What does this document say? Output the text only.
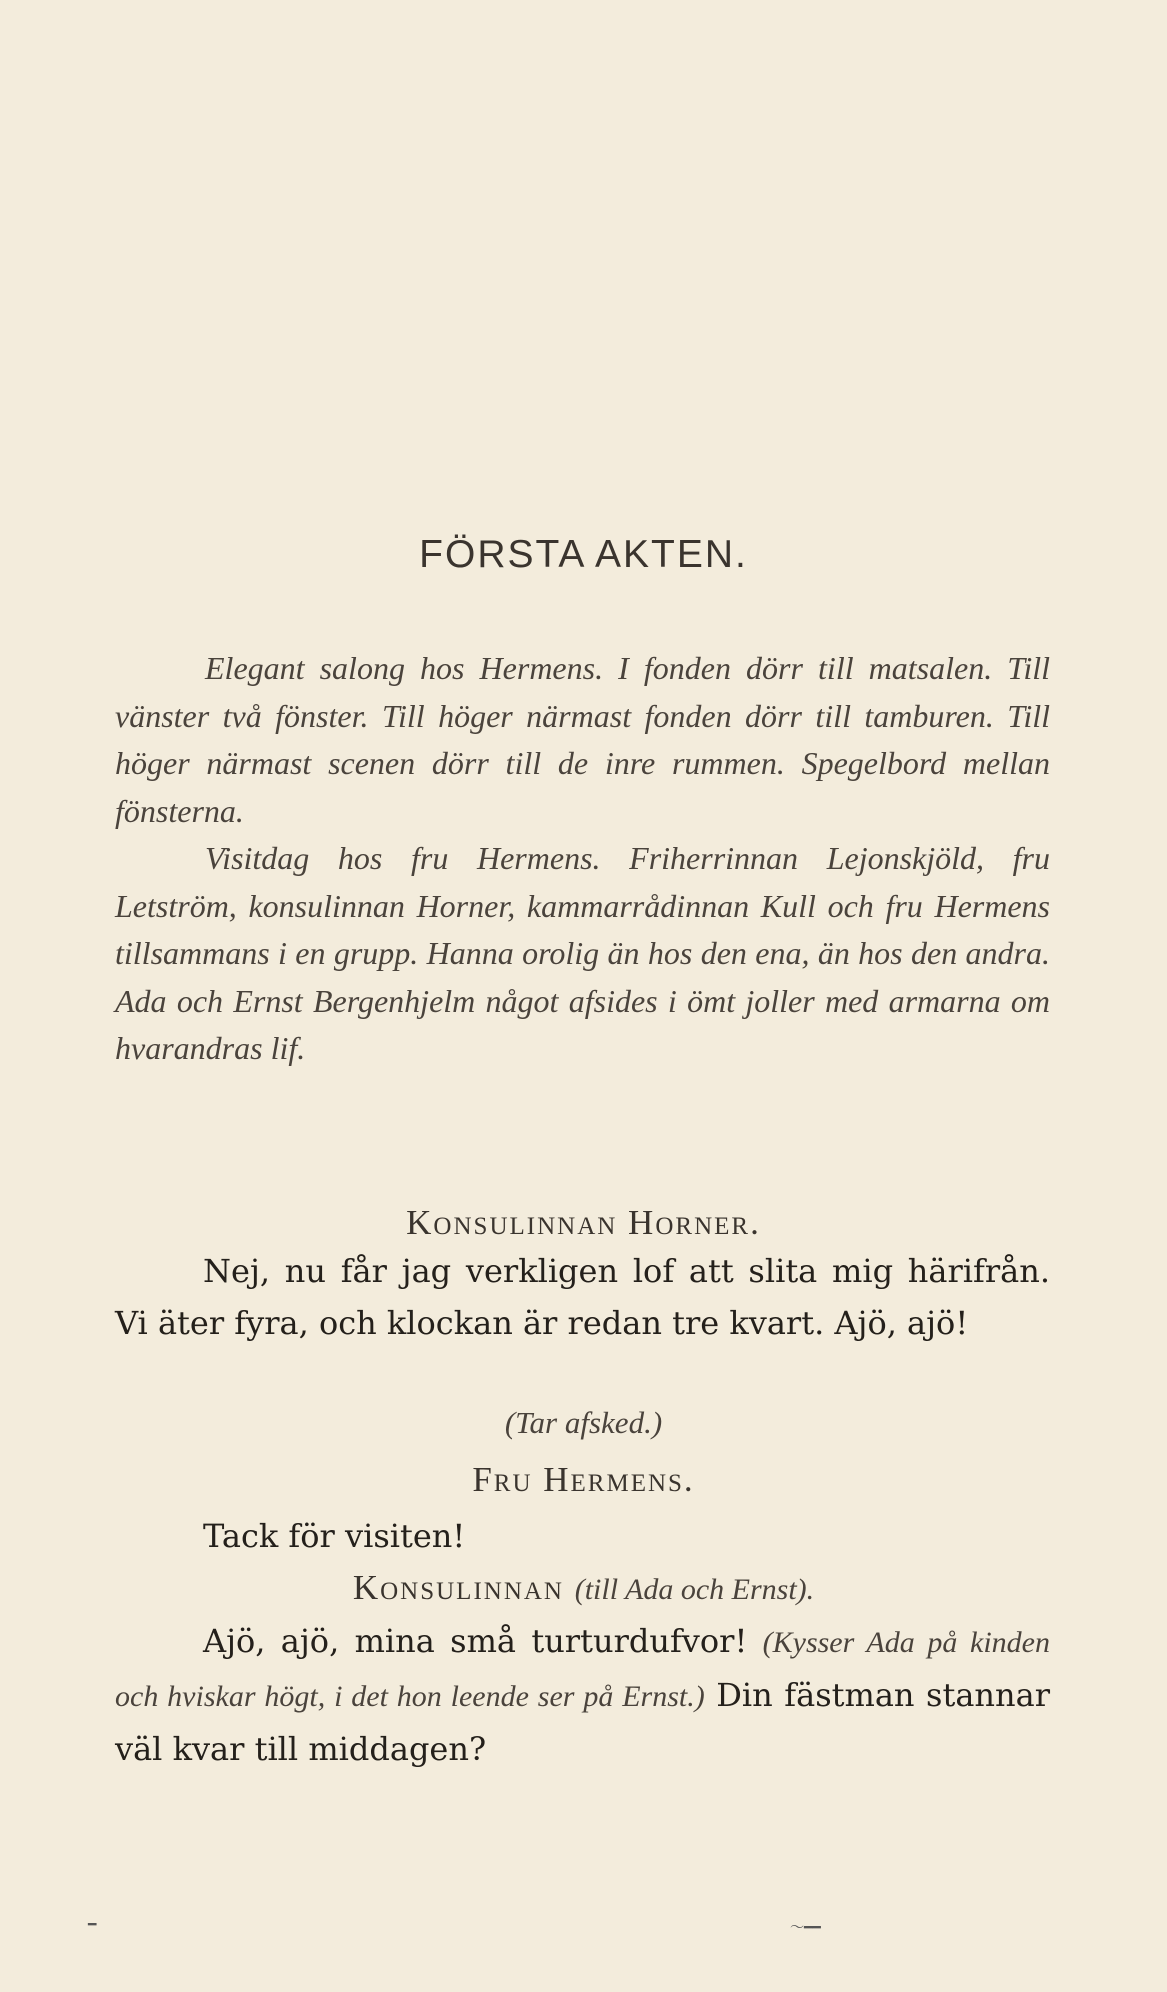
FÖRSTA AKTEN.

Elegant salong hos Hermens. I fonden dörr till matsalen. Till vänster två fönster. Till höger närmast fonden dörr till tamburen. Till höger närmast scenen dörr till de inre rummen. Spegelbord mellan fönsterna.

Visitdag hos fru Hermens. Friherrinnan Lejonskjöld, fru Letström, konsulinnan Horner, kammarrådinnan Kull och fru Hermens tillsammans i en grupp. Hanna orolig än hos den ena, än hos den andra. Ada och Ernst Bergenhjelm något afsides i ömt joller med armarna om hvarandras lif.

Konsulinnan Horner.
Nej, nu får jag verkligen lof att slita mig härifrån. Vi äter fyra, och klockan är redan tre kvart. Ajö, ajö!
(Tar afsked.)
Fru Hermens.
Tack för visiten!
Konsulinnan (till Ada och Ernst).
Ajö, ajö, mina små turturdufvor! (Kysser Ada på kinden och hviskar högt, i det hon leende ser på Ernst.) Din fästman stannar väl kvar till middagen?
━	〜━━
